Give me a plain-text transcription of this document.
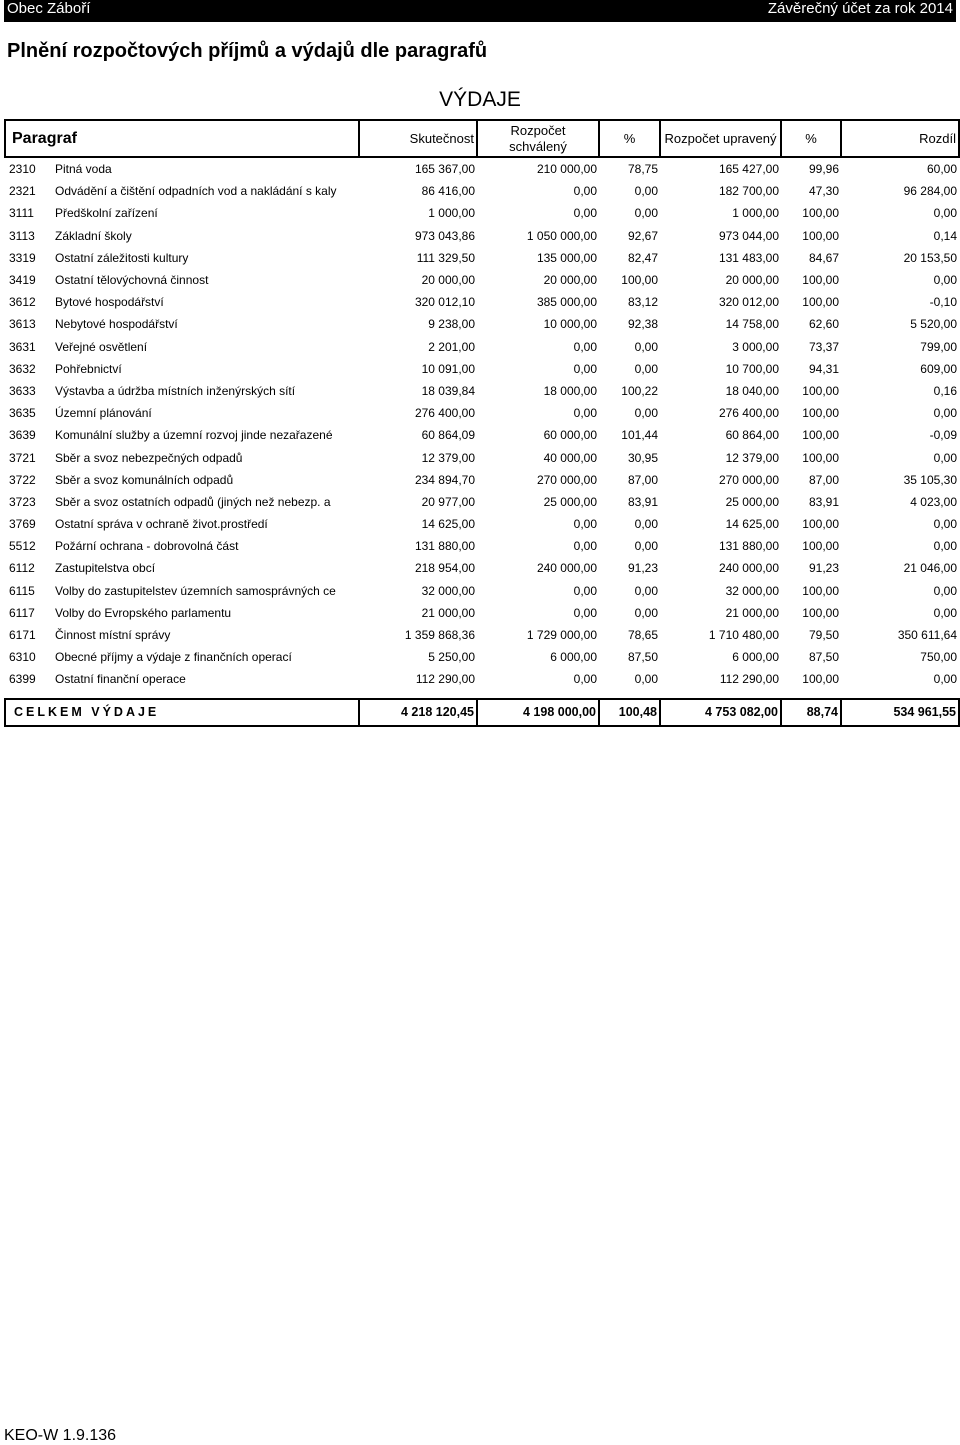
Obec Záboří	Závěrečný účet za rok 2014
Plnění rozpočtových příjmů a výdajů dle paragrafů
VÝDAJE
Paragraf	Skutečnost	Rozpočet schválený	%	Rozpočet upravený	%	Rozdíl
2310 Pitná voda	165 367,00	210 000,00	78,75	165 427,00	99,96	60,00
2321 Odvádění a čištění odpadních vod a nakládání s kaly	86 416,00	0,00	0,00	182 700,00	47,30	96 284,00
3111 Předškolní zařízení	1 000,00	0,00	0,00	1 000,00	100,00	0,00
3113 Základní školy	973 043,86	1 050 000,00	92,67	973 044,00	100,00	0,14
3319 Ostatní záležitosti kultury	111 329,50	135 000,00	82,47	131 483,00	84,67	20 153,50
3419 Ostatní tělovýchovná činnost	20 000,00	20 000,00	100,00	20 000,00	100,00	0,00
3612 Bytové hospodářství	320 012,10	385 000,00	83,12	320 012,00	100,00	-0,10
3613 Nebytové hospodářství	9 238,00	10 000,00	92,38	14 758,00	62,60	5 520,00
3631 Veřejné osvětlení	2 201,00	0,00	0,00	3 000,00	73,37	799,00
3632 Pohřebnictví	10 091,00	0,00	0,00	10 700,00	94,31	609,00
3633 Výstavba a údržba místních inženýrských sítí	18 039,84	18 000,00	100,22	18 040,00	100,00	0,16
3635 Územní plánování	276 400,00	0,00	0,00	276 400,00	100,00	0,00
3639 Komunální služby a územní rozvoj jinde nezařazené	60 864,09	60 000,00	101,44	60 864,00	100,00	-0,09
3721 Sběr a svoz nebezpečných odpadů	12 379,00	40 000,00	30,95	12 379,00	100,00	0,00
3722 Sběr a svoz komunálních odpadů	234 894,70	270 000,00	87,00	270 000,00	87,00	35 105,30
3723 Sběr a svoz ostatních odpadů (jiných než nebezp. a	20 977,00	25 000,00	83,91	25 000,00	83,91	4 023,00
3769 Ostatní správa v ochraně život.prostředí	14 625,00	0,00	0,00	14 625,00	100,00	0,00
5512 Požární ochrana - dobrovolná část	131 880,00	0,00	0,00	131 880,00	100,00	0,00
6112 Zastupitelstva obcí	218 954,00	240 000,00	91,23	240 000,00	91,23	21 046,00
6115 Volby do zastupitelstev územních samosprávných ce	32 000,00	0,00	0,00	32 000,00	100,00	0,00
6117 Volby do Evropského parlamentu	21 000,00	0,00	0,00	21 000,00	100,00	0,00
6171 Činnost místní správy	1 359 868,36	1 729 000,00	78,65	1 710 480,00	79,50	350 611,64
6310 Obecné příjmy a výdaje z finančních operací	5 250,00	6 000,00	87,50	6 000,00	87,50	750,00
6399 Ostatní finanční operace	112 290,00	0,00	0,00	112 290,00	100,00	0,00

CELKEM VÝDAJE	4 218 120,45	4 198 000,00	100,48	4 753 082,00	88,74	534 961,55
KEO-W 1.9.136
